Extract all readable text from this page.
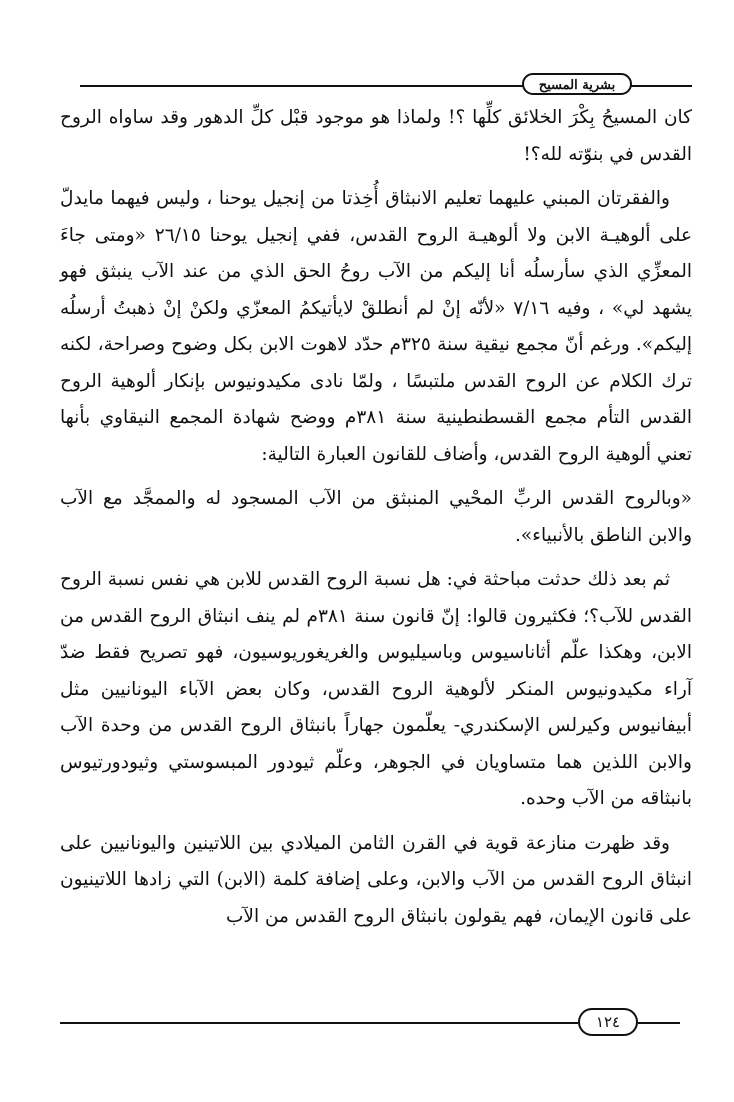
بشرية المسيح

كان المسيحُ بِكْرَ الخلائق كلِّها ؟! ولماذا هو موجود قبْل كلِّ الدهور وقد ساواه الروح القدس في بنوّته لله؟!

والفقرتان المبني عليهما تعليم الانبثاق أُخِذتا من إنجيل يوحنا ، وليس فيهما مايدلّ على ألوهيـة الابن ولا ألوهيـة الروح القدس، ففي إنجيل يوحنا ٢٦/١٥ «ومتى جاءَ المعزِّي الذي سأرسلُه أنا إليكم من الآب روحُ الحق الذي من عند الآب ينبثق فهو يشهد لي» ، وفيه ٧/١٦ «لأنّه إنْ لم أنطلقْ لايأتيكمُ المعزّي ولكنْ إنْ ذهبتُ أرسلُه إليكم». ورغم أنّ مجمع نيقية سنة ٣٢٥م حدّد لاهوت الابن بكل وضوح وصراحة، لكنه ترك الكلام عن الروح القدس ملتبسًا ، ولمّا نادى مكيدونيوس بإنكار ألوهية الروح القدس التأم مجمع القسطنطينية سنة ٣٨١م ووضح شهادة المجمع النيقاوي بأنها تعني ألوهية الروح القدس، وأضاف للقانون العبارة التالية:

«وبالروح القدس الربِّ المحْيي المنبثق من الآب المسجود له والممجَّد مع الآب والابن الناطق بالأنبياء».

ثم بعد ذلك حدثت مباحثة في: هل نسبة الروح القدس للابن هي نفس نسبة الروح القدس للآب؟؛ فكثيرون قالوا: إنّ قانون سنة ٣٨١م لم ينف انبثاق الروح القدس من الابن، وهكذا علّم أثاناسيوس وباسيليوس والغريغوريوسيون، فهو تصريح فقط ضدّ آراء مكيدونيوس المنكر لألوهية الروح القدس، وكان بعض الآباء اليونانيين مثل أبيفانيوس وكيرلس الإسكندري- يعلّمون جهاراً بانبثاق الروح القدس من وحدة الآب والابن اللذين هما متساويان في الجوهر، وعلّم ثيودور المبسوستي وثيودورتيوس بانبثاقه من الآب وحده.

وقد ظهرت منازعة قوية في القرن الثامن الميلادي بين اللاتينين واليونانيين على انبثاق الروح القدس من الآب والابن، وعلى إضافة كلمة (الابن) التي زادها اللاتينيون على قانون الإيمان، فهم يقولون بانبثاق الروح القدس من الآب

١٢٤
